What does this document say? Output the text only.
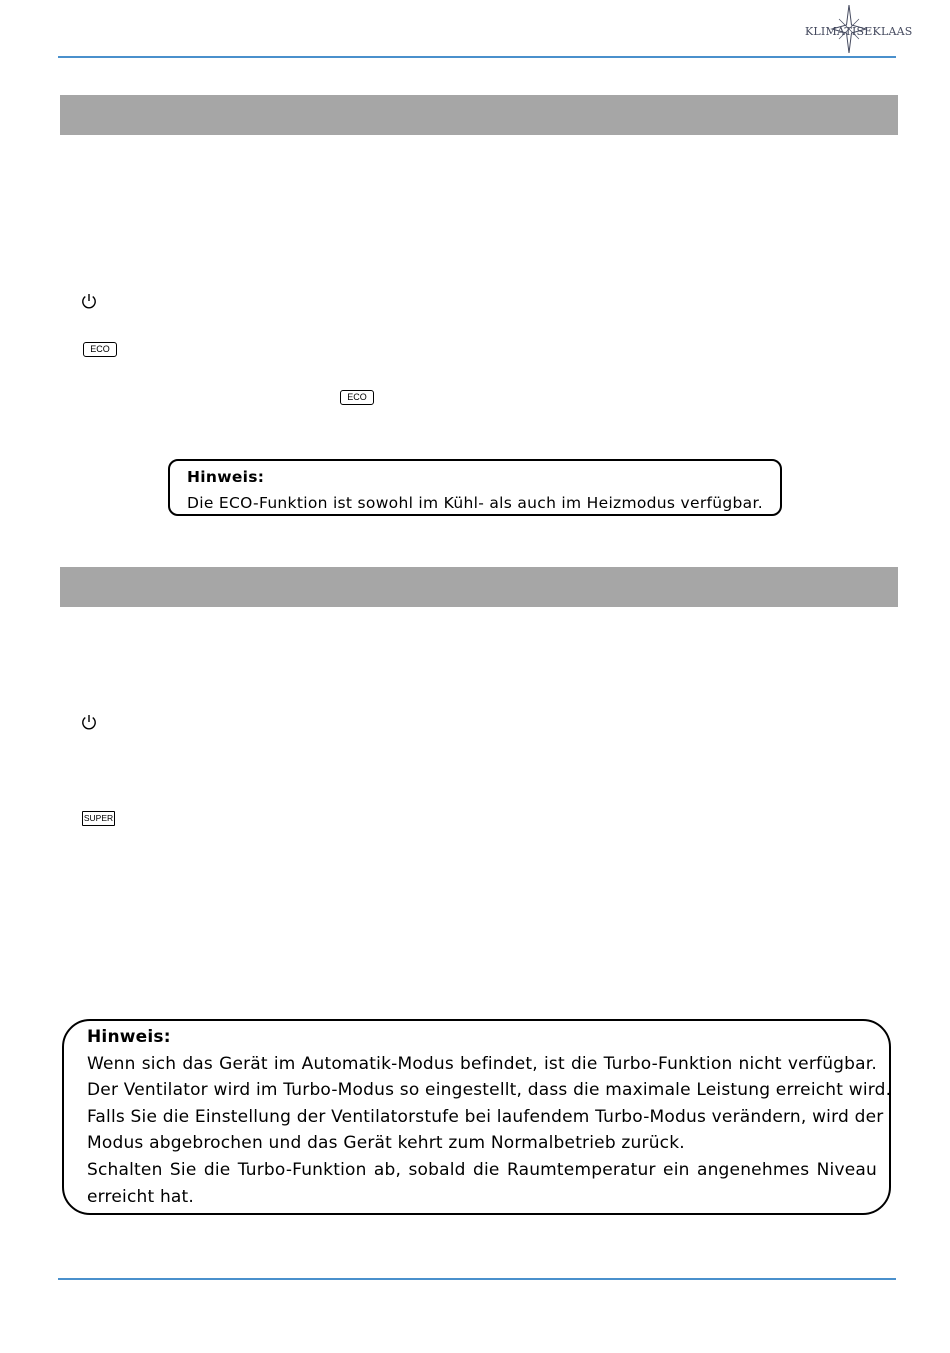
KLIMATISEKLAAS
ECO
ECO
Hinweis:
Die ECO-Funktion ist sowohl im Kühl- als auch im Heizmodus verfügbar.
SUPER
Hinweis:
Wenn sich das Gerät im Automatik-Modus befindet, ist die Turbo-Funktion nicht verfügbar.
Der Ventilator wird im Turbo-Modus so eingestellt, dass die maximale Leistung erreicht wird.
Falls Sie die Einstellung der Ventilatorstufe bei laufendem Turbo-Modus verändern, wird der
Modus abgebrochen und das Gerät kehrt zum Normalbetrieb zurück.
Schalten Sie die Turbo-Funktion ab, sobald die Raumtemperatur ein angenehmes Niveau
erreicht hat.
